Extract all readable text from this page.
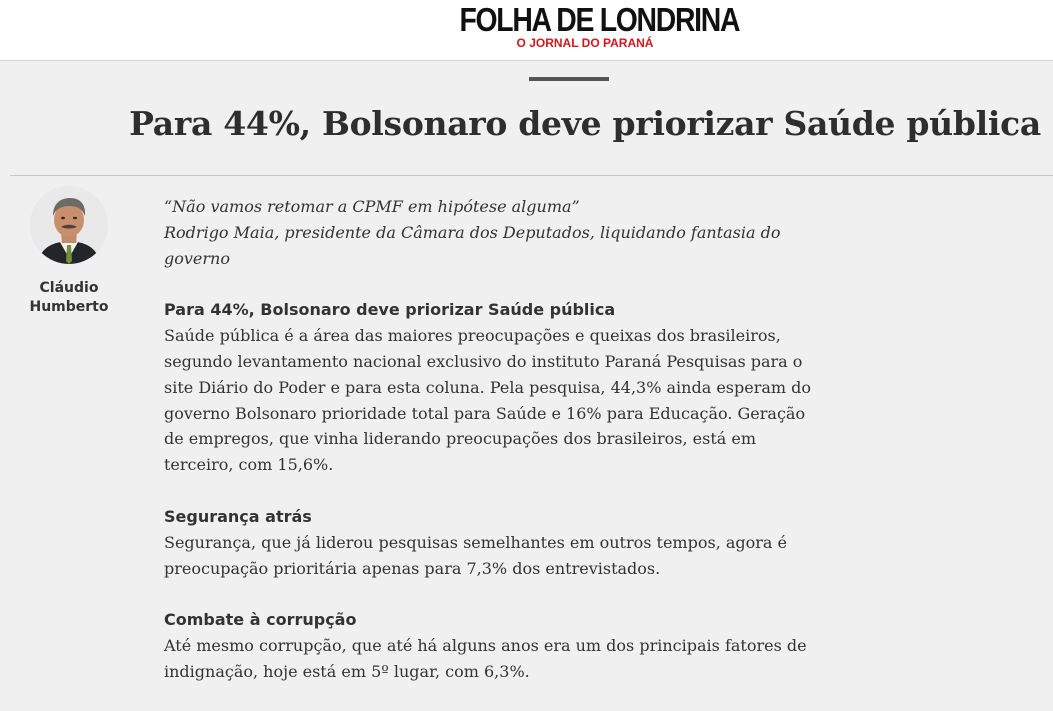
FOLHA DE LONDRINA
O JORNAL DO PARANÁ
Para 44%, Bolsonaro deve priorizar Saúde pública
Cláudio Humberto
“Não vamos retomar a CPMF em hipótese alguma”
Rodrigo Maia, presidente da Câmara dos Deputados, liquidando fantasia do governo

Para 44%, Bolsonaro deve priorizar Saúde pública

Saúde pública é a área das maiores preocupações e queixas dos brasileiros, segundo levantamento nacional exclusivo do instituto Paraná Pesquisas para o site Diário do Poder e para esta coluna. Pela pesquisa, 44,3% ainda esperam do governo Bolsonaro prioridade total para Saúde e 16% para Educação. Geração de empregos, que vinha liderando preocupações dos brasileiros, está em terceiro, com 15,6%.

Segurança atrás

Segurança, que já liderou pesquisas semelhantes em outros tempos, agora é preocupação prioritária apenas para 7,3% dos entrevistados.

Combate à corrupção

Até mesmo corrupção, que até há alguns anos era um dos principais fatores de indignação, hoje está em 5º lugar, com 6,3%.
